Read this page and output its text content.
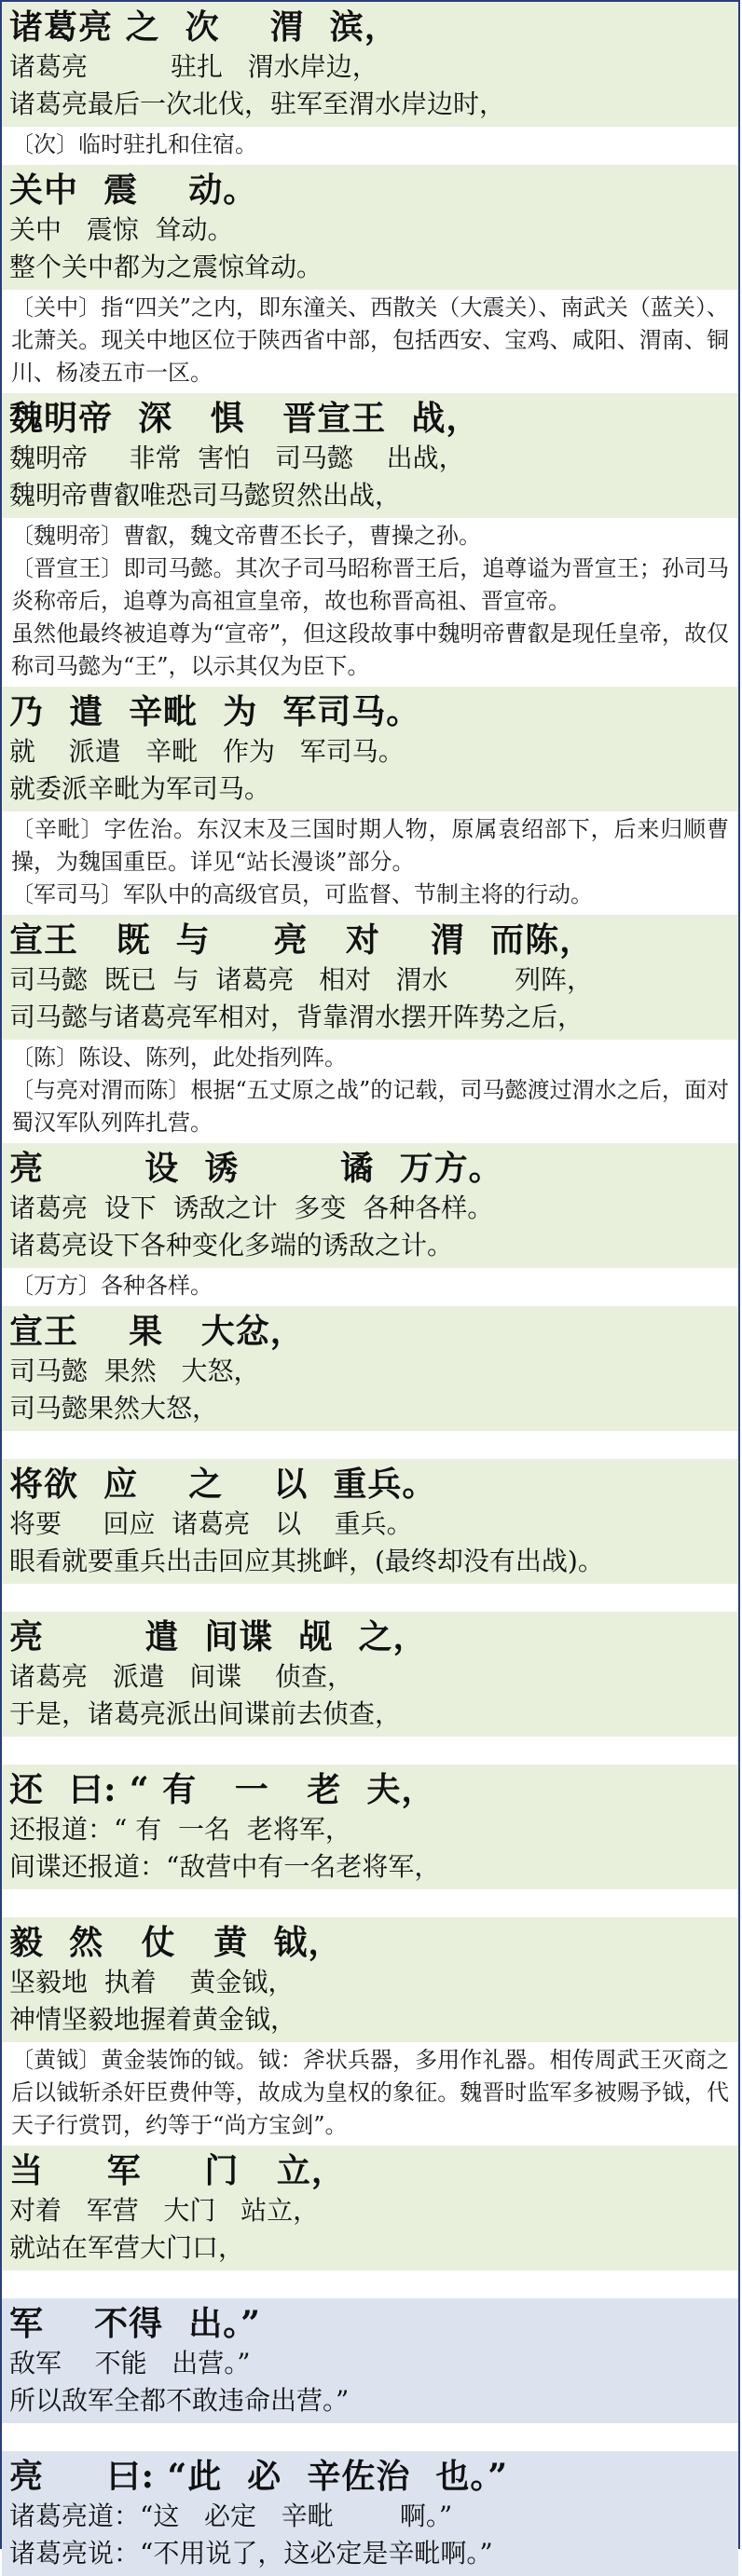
诸葛亮 之  次    渭  滨，
诸葛亮          驻扎   渭水岸边，
诸葛亮最后一次北伐，驻军至渭水岸边时，
〔次〕临时驻扎和住宿。
关中  震    动。
关中   震惊  耸动。
整个关中都为之震惊耸动。
〔关中〕指“四关”之内，即东潼关、西散关（大震关）、南武关（蓝关）、北萧关。现关中地区位于陕西省中部，包括西安、宝鸡、咸阳、渭南、铜川、杨凌五市一区。
魏明帝  深   惧   晋宣王  战，
魏明帝     非常  害怕   司马懿    出战，
魏明帝曹叡唯恐司马懿贸然出战，
〔魏明帝〕曹叡，魏文帝曹丕长子，曹操之孙。
〔晋宣王〕即司马懿。其次子司马昭称晋王后，追尊谥为晋宣王；孙司马炎称帝后，追尊为高祖宣皇帝，故也称晋高祖、晋宣帝。
虽然他最终被追尊为“宣帝”，但这段故事中魏明帝曹叡是现任皇帝，故仅称司马懿为“王”，以示其仅为臣下。
乃  遣  辛毗  为  军司马。
就    派遣   辛毗   作为   军司马。
就委派辛毗为军司马。
〔辛毗〕字佐治。东汉末及三国时期人物，原属袁绍部下，后来归顺曹操，为魏国重臣。详见“站长漫谈”部分。
〔军司马〕军队中的高级官员，可监督、节制主将的行动。
宣王   既  与     亮   对    渭  而陈，
司马懿  既已  与  诸葛亮   相对   渭水        列阵，
司马懿与诸葛亮军相对，背靠渭水摆开阵势之后，
〔陈〕陈设、陈列，此处指列阵。
〔与亮对渭而陈〕根据“五丈原之战”的记载，司马懿渡过渭水之后，面对蜀汉军队列阵扎营。
亮        设  诱        谲  万方。
诸葛亮  设下  诱敌之计  多变  各种各样。
诸葛亮设下各种变化多端的诱敌之计。
〔万方〕各种各样。
宣王    果   大忿，
司马懿  果然   大怒，
司马懿果然大怒，
将欲  应    之    以  重兵。
将要     回应  诸葛亮   以    重兵。
眼看就要重兵出击回应其挑衅，(最终却没有出战)。
亮        遣  间谍  觇  之，
诸葛亮   派遣   间谍    侦查，
于是，诸葛亮派出间谍前去侦查，
还  曰: “ 有   一   老  夫，
还报道：“ 有  一名  老将军，
间谍还报道：“敌营中有一名老将军，
毅  然   仗   黄  钺，
坚毅地  执着    黄金钺，
神情坚毅地握着黄金钺，
〔黄钺〕黄金装饰的钺。钺：斧状兵器，多用作礼器。相传周武王灭商之后以钺斩杀奸臣费仲等，故成为皇权的象征。魏晋时监军多被赐予钺，代天子行赏罚，约等于“尚方宝剑”。
当     军     门   立，
对着   军营   大门   站立，
就站在军营大门口，
军    不得  出。”
敌军    不能   出营。”
所以敌军全都不敢违命出营。”
亮     曰: “此  必  辛佐治  也。”
诸葛亮道：“这   必定   辛毗        啊。”
诸葛亮说：“不用说了，这必定是辛毗啊。”
